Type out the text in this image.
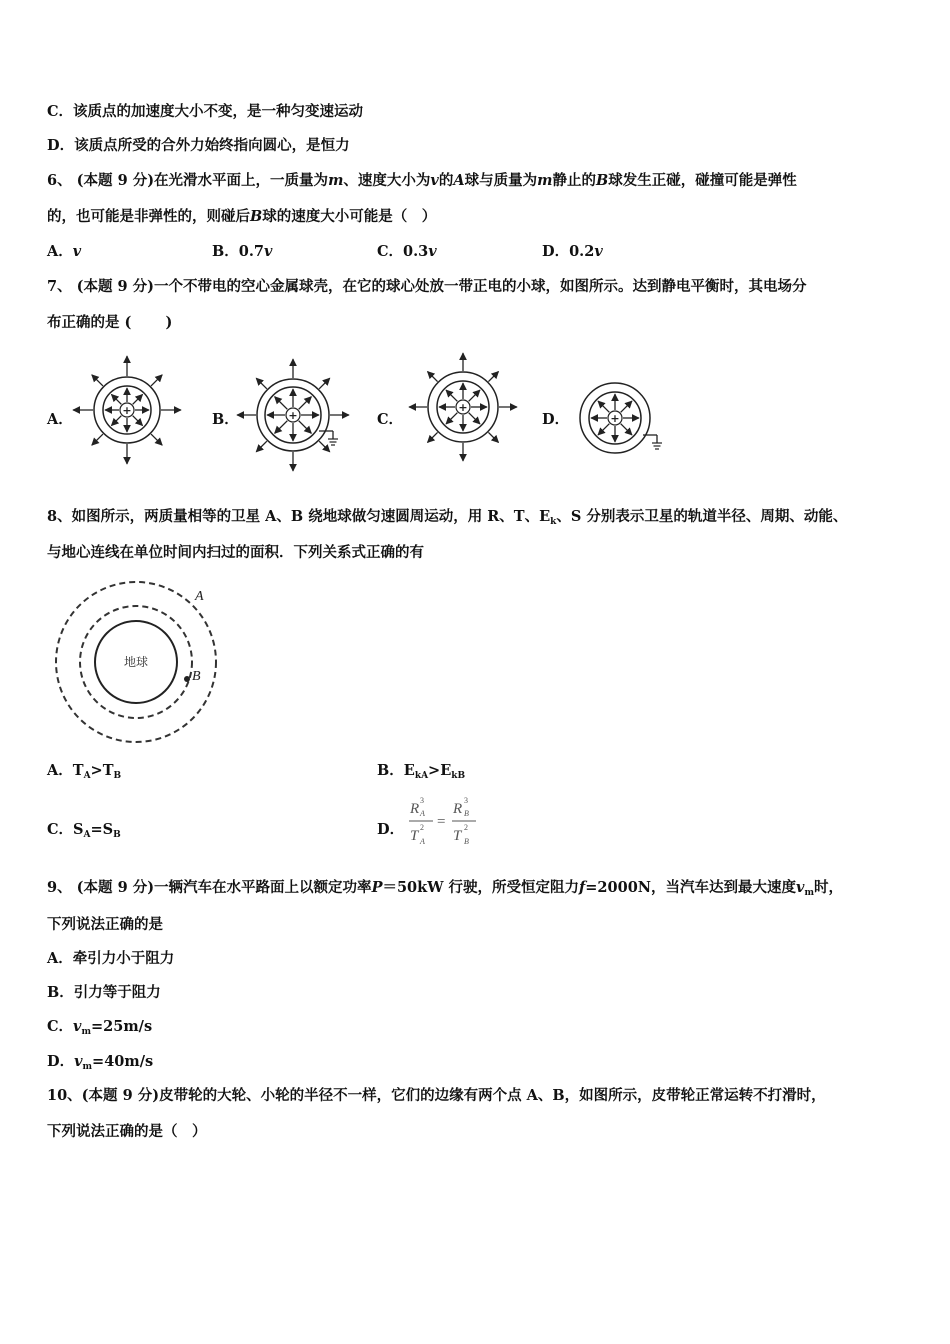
C．该质点的加速度大小不变，是一种匀变速运动
D．该质点所受的合外力始终指向圆心，是恒力
6、 (本题 9 分)在光滑水平面上，一质量为m、速度大小为v的A球与质量为m静止的B球发生正碰，碰撞可能是弹性
的，也可能是非弹性的，则碰后B球的速度大小可能是（　）
A．v	B．0.7v	C．0.3v	D．0.2v
7、 (本题 9 分)一个不带电的空心金属球壳，在它的球心处放一带正电的小球，如图所示。达到静电平衡时，其电场分
布正确的是 (　　 )
A．	B．	C．	D．
+	+
+
+
8、如图所示，两质量相等的卫星 A、B 绕地球做匀速圆周运动，用 R、T、$E_k$、S 分别表示卫星的轨道半径、周期、动能、
与地心连线在单位时间内扫过的面积．下列关系式正确的有
地球
A
B
A．$T_A>T_B$	B．$E_{kA}>E_{kB}$
C．$S_A=S_B$	D．
R
3
A
T
2
A
=
R
3
B
T
2
B
9、 (本题 9 分)一辆汽车在水平路面上以额定功率P＝50kW 行驶，所受恒定阻力f=2000N，当汽车达到最大速度$v_m$时，
下列说法正确的是
A．牵引力小于阻力
B．引力等于阻力
C．$v_m=25m/s$
D．$v_m=40m/s$
10、(本题 9 分)皮带轮的大轮、小轮的半径不一样，它们的边缘有两个点 A、B，如图所示，皮带轮正常运转不打滑时，
下列说法正确的是（　）
